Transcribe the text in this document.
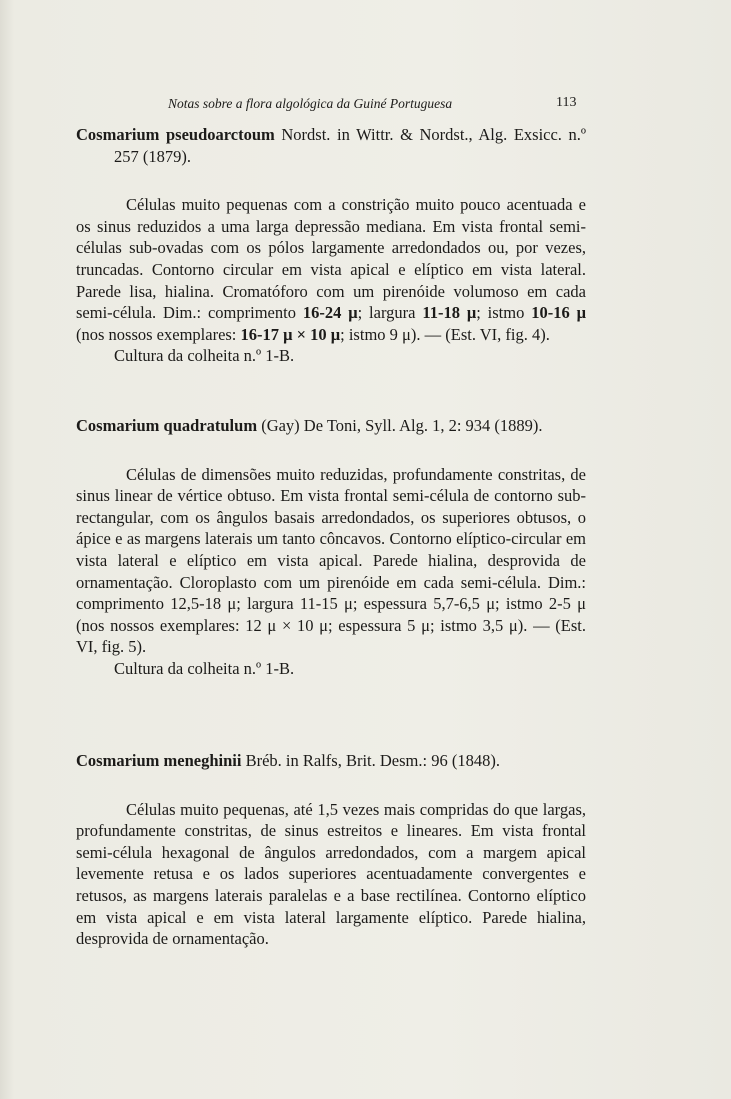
Notas sobre a flora algológica da Guiné Portuguesa	113

Cosmarium pseudoarctoum Nordst. in Wittr. & Nordst., Alg. Exsicc. n.º 257 (1879).

Células muito pequenas com a constrição muito pouco acentuada e os sinus reduzidos a uma larga depressão mediana. Em vista frontal semi-células sub-ovadas com os pólos largamente arredondados ou, por vezes, truncadas. Contorno circular em vista apical e elíptico em vista lateral. Parede lisa, hialina. Cromatóforo com um pirenóide volumoso em cada semi-célula. Dim.: comprimento 16-24 μ; largura 11-18 μ; istmo 10-16 μ (nos nossos exemplares: 16-17 μ × 10 μ; istmo 9 μ). — (Est. VI, fig. 4).

Cultura da colheita n.º 1-B.

Cosmarium quadratulum (Gay) De Toni, Syll. Alg. 1, 2: 934 (1889).

Células de dimensões muito reduzidas, profundamente constritas, de sinus linear de vértice obtuso. Em vista frontal semi-célula de contorno sub-rectangular, com os ângulos basais arredondados, os superiores obtusos, o ápice e as margens laterais um tanto côncavos. Contorno elíptico-circular em vista lateral e elíptico em vista apical. Parede hialina, desprovida de ornamentação. Cloroplasto com um pirenóide em cada semi-célula. Dim.: comprimento 12,5-18 μ; largura 11-15 μ; espessura 5,7-6,5 μ; istmo 2-5 μ (nos nossos exemplares: 12 μ × 10 μ; espessura 5 μ; istmo 3,5 μ). — (Est. VI, fig. 5).

Cultura da colheita n.º 1-B.

Cosmarium meneghinii Bréb. in Ralfs, Brit. Desm.: 96 (1848).

Células muito pequenas, até 1,5 vezes mais compridas do que largas, profundamente constritas, de sinus estreitos e lineares. Em vista frontal semi-célula hexagonal de ângulos arredondados, com a margem apical levemente retusa e os lados superiores acentuadamente convergentes e retusos, as margens laterais paralelas e a base rectilínea. Contorno elíptico em vista apical e em vista lateral largamente elíptico. Parede hialina, desprovida de ornamentação.
